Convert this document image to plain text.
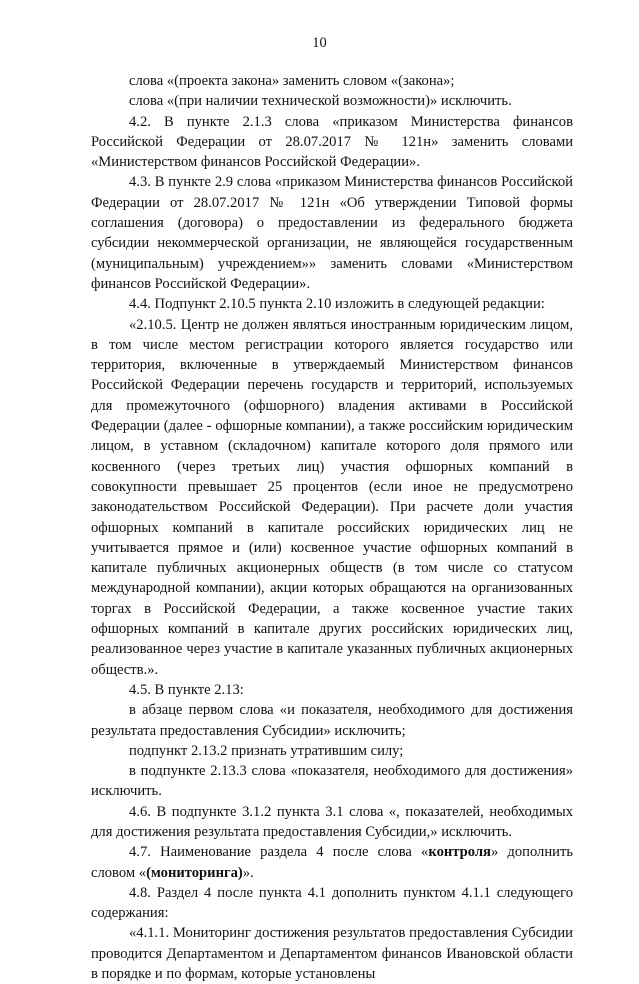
10

слова «(проекта закона» заменить словом «(закона»;

слова «(при наличии технической возможности)» исключить.

4.2. В пункте 2.1.3 слова «приказом Министерства финансов Российской Федерации от 28.07.2017 № 121н» заменить словами «Министерством финансов Российской Федерации».

4.3. В пункте 2.9 слова «приказом Министерства финансов Российской Федерации от 28.07.2017 № 121н «Об утверждении Типовой формы соглашения (договора) о предоставлении из федерального бюджета субсидии некоммерческой организации, не являющейся государственным (муниципальным) учреждением»» заменить словами «Министерством финансов Российской Федерации».

4.4. Подпункт 2.10.5 пункта 2.10 изложить в следующей редакции:

«2.10.5. Центр не должен являться иностранным юридическим лицом, в том числе местом регистрации которого является государство или территория, включенные в утверждаемый Министерством финансов Российской Федерации перечень государств и территорий, используемых для промежуточного (офшорного) владения активами в Российской Федерации (далее - офшорные компании), а также российским юридическим лицом, в уставном (складочном) капитале которого доля прямого или косвенного (через третьих лиц) участия офшорных компаний в совокупности превышает 25 процентов (если иное не предусмотрено законодательством Российской Федерации). При расчете доли участия офшорных компаний в капитале российских юридических лиц не учитывается прямое и (или) косвенное участие офшорных компаний в капитале публичных акционерных обществ (в том числе со статусом международной компании), акции которых обращаются на организованных торгах в Российской Федерации, а также косвенное участие таких офшорных компаний в капитале других российских юридических лиц, реализованное через участие в капитале указанных публичных акционерных обществ.».

4.5. В пункте 2.13:

в абзаце первом слова «и показателя, необходимого для достижения результата предоставления Субсидии» исключить;

подпункт 2.13.2 признать утратившим силу;

в подпункте 2.13.3 слова «показателя, необходимого для достижения» исключить.

4.6. В подпункте 3.1.2 пункта 3.1 слова «, показателей, необходимых для достижения результата предоставления Субсидии,» исключить.

4.7. Наименование раздела 4 после слова «контроля» дополнить словом «(мониторинга)».

4.8. Раздел 4 после пункта 4.1 дополнить пунктом 4.1.1 следующего содержания:

«4.1.1. Мониторинг достижения результатов предоставления Субсидии проводится Департаментом и Департаментом финансов Ивановской области в порядке и по формам, которые установлены
